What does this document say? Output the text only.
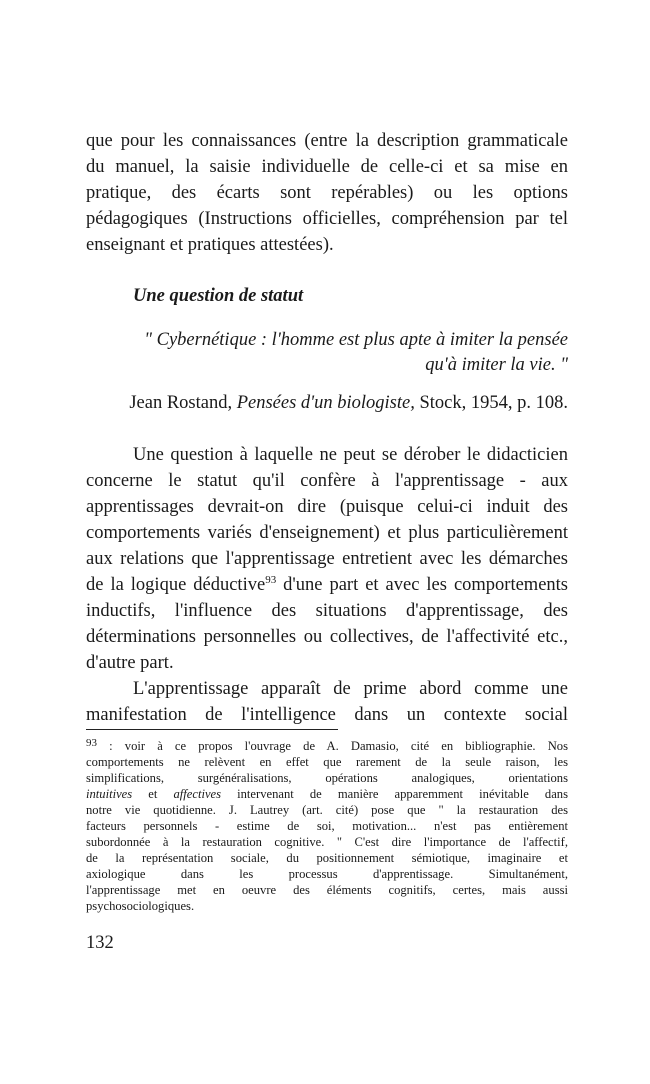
que pour les connaissances (entre la description grammaticale
du manuel, la saisie individuelle de celle-ci et sa mise en
pratique, des écarts sont repérables) ou les options
pédagogiques (Instructions officielles, compréhension par tel
enseignant et pratiques attestées).
Une question de statut
" Cybernétique : l'homme est plus apte à imiter la pensée
qu'à imiter la vie. "
Jean Rostand, Pensées d'un biologiste, Stock, 1954, p. 108.
Une question à laquelle ne peut se dérober le didacticien
concerne le statut qu'il confère à l'apprentissage - aux
apprentissages devrait-on dire (puisque celui-ci induit des
comportements variés d'enseignement) et plus particulièrement
aux relations que l'apprentissage entretient avec les démarches
de la logique déductive$^{93}$ d'une part et avec les comportements
inductifs, l'influence des situations d'apprentissage, des
déterminations personnelles ou collectives, de l'affectivité etc.,
d'autre part.
L'apprentissage apparaît de prime abord comme une
manifestation de l'intelligence dans un contexte social
93 : voir à ce propos l'ouvrage de A. Damasio, cité en bibliographie. Nos
comportements ne relèvent en effet que rarement de la seule raison, les
simplifications, surgénéralisations, opérations analogiques, orientations
intuitives et affectives intervenant de manière apparemment inévitable dans
notre vie quotidienne. J. Lautrey (art. cité) pose que " la restauration des
facteurs personnels - estime de soi, motivation... n'est pas entièrement
subordonnée à la restauration cognitive. " C'est dire l'importance de l'affectif,
de la représentation sociale, du positionnement sémiotique, imaginaire et
axiologique dans les processus d'apprentissage. Simultanément,
l'apprentissage met en oeuvre des éléments cognitifs, certes, mais aussi
psychosociologiques.
132
